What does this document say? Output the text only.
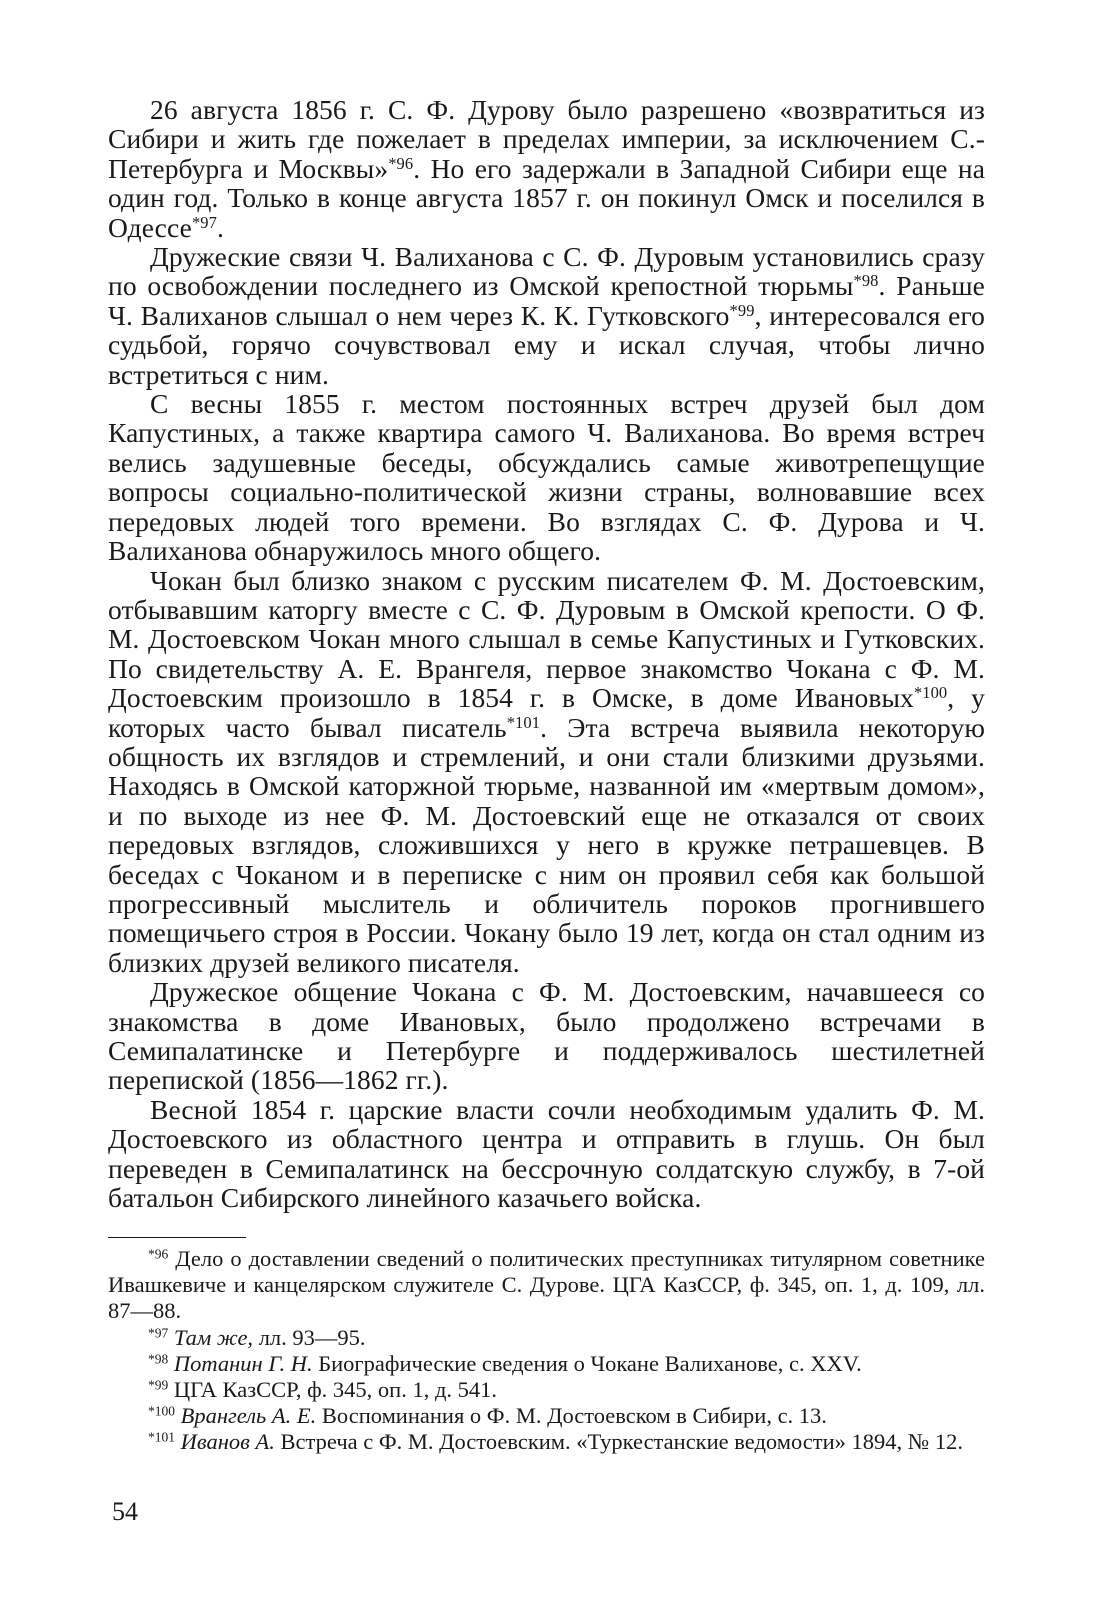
26 августа 1856 г. С. Ф. Дурову было разрешено «возвратиться из Сибири и жить где пожелает в пределах империи, за исключением С.-Петербурга и Москвы»$^{*96}$. Но его задержали в Западной Сибири еще на один год. Только в конце августа 1857 г. он покинул Омск и поселился в Одессе$^{*97}$.

Дружеские связи Ч. Валиханова с С. Ф. Дуровым установились сразу по освобождении последнего из Омской крепостной тюрьмы$^{*98}$. Раньше Ч. Валиханов слышал о нем через К. К. Гутковского$^{*99}$, интересовался его судьбой, горячо сочувствовал ему и искал случая, чтобы лично встретиться с ним.

С весны 1855 г. местом постоянных встреч друзей был дом Капустиных, а также квартира самого Ч. Валиханова. Во время встреч велись задушевные беседы, обсуждались самые животрепещущие вопросы социально-политической жизни страны, волновавшие всех передовых людей того времени. Во взглядах С. Ф. Дурова и Ч. Валиханова обнаружилось много общего.

Чокан был близко знаком с русским писателем Ф. М. Достоевским, отбывавшим каторгу вместе с С. Ф. Дуровым в Омской крепости. О Ф. М. Достоевском Чокан много слышал в семье Капустиных и Гутковских. По свидетельству А. Е. Врангеля, первое знакомство Чокана с Ф. М. Достоевским произошло в 1854 г. в Омске, в доме Ивановых$^{*100}$, у которых часто бывал писатель$^{*101}$. Эта встреча выявила некоторую общность их взглядов и стремлений, и они стали близкими друзьями. Находясь в Омской каторжной тюрьме, названной им «мертвым домом», и по выходе из нее Ф. М. Достоевский еще не отказался от своих передовых взглядов, сложившихся у него в кружке петрашевцев. В беседах с Чоканом и в переписке с ним он проявил себя как большой прогрессивный мыслитель и обличитель пороков прогнившего помещичьего строя в России. Чокану было 19 лет, когда он стал одним из близких друзей великого писателя.

Дружеское общение Чокана с Ф. М. Достоевским, начавшееся со знакомства в доме Ивановых, было продолжено встречами в Семипалатинске и Петербурге и поддерживалось шестилетней перепиской (1856—1862 гг.).

Весной 1854 г. царские власти сочли необходимым удалить Ф. М. Достоевского из областного центра и отправить в глушь. Он был переведен в Семипалатинск на бессрочную солдатскую службу, в 7-ой батальон Сибирского линейного казачьего войска.

$^{*96}$ Дело о доставлении сведений о политических преступниках титулярном советнике Ивашкевиче и канцелярском служителе С. Дурове. ЦГА КазССР, ф. 345, оп. 1, д. 109, лл. 87—88.

$^{*97}$ Там же, лл. 93—95.

$^{*98}$ Потанин Г. Н. Биографические сведения о Чокане Валиханове, с. XXV.

$^{*99}$ ЦГА КазССР, ф. 345, оп. 1, д. 541.

$^{*100}$ Врангель А. Е. Воспоминания о Ф. М. Достоевском в Сибири, с. 13.

$^{*101}$ Иванов А. Встреча с Ф. М. Достоевским. «Туркестанские ведомости» 1894, № 12.

54
